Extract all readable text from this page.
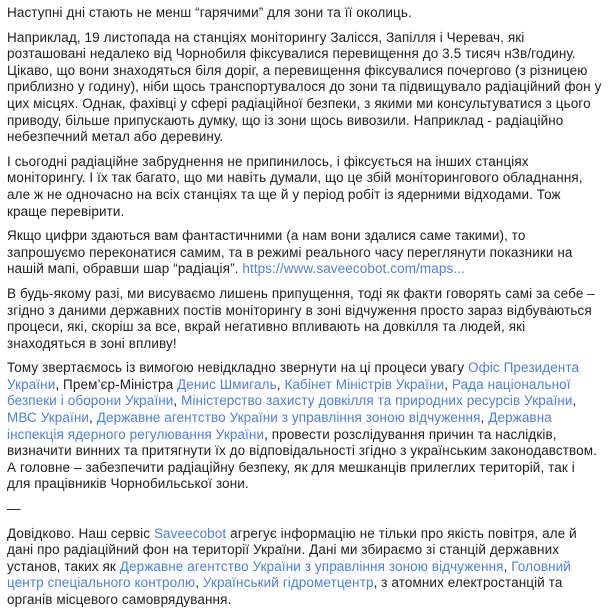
Наступні дні стають не менш “гарячими” для зони та її околиць.

Наприклад, 19 листопада на станціях моніторингу Залісся, Запілля і Черевач, які розташовані недалеко від Чорнобиля фіксувалися перевищення до 3.5 тисяч нЗв/годину. Цікаво, що вони знаходяться біля доріг, а перевищення фіксувалися почергово (з різницею приблизно у годину), ніби щось транспортувалося до зони та підвищувало радіаційний фон у цих місцях. Однак, фахівці у сфері радіаційної безпеки, з якими ми консультуватися з цього приводу, більше припускають думку, що із зони щось вивозили. Наприклад - радіаційно небезпечний метал або деревину.

І сьогодні радіаційне забруднення не припинилось, і фіксується на інших станціях моніторингу. І їх так багато, що ми навіть думали, що це збій моніторингового обладнання, але ж не одночасно на всіх станціях та ще й у період робіт із ядерними відходами. Тож краще перевірити.

Якщо цифри здаються вам фантастичними (а нам вони здалися саме такими), то запрошуємо переконатися самим, та в режимі реального часу переглянути показники на нашій мапі, обравши шар “радіація”. https://www.saveecobot.com/maps...

В будь-якому разі, ми висуваємо лишень припущення, тоді як факти говорять самі за себе – згідно з даними державних постів моніторингу в зоні відчуження просто зараз відбуваються процеси, які, скоріш за все, вкрай негативно впливають на довкілля та людей, які знаходяться в зоні впливу!

Тому звертаємось із вимогою невідкладно звернути на ці процеси увагу Офіс Президента України, Прем’єр-Міністра Денис Шмигаль, Кабінет Міністрів України, Рада національної безпеки і оборони України, Міністерство захисту довкілля та природних ресурсів України, МВС України, Державне агентство України з управління зоною відчуження, Державна інспекція ядерного регулювання України, провести розслідування причин та наслідків, визначити винних та притягнути їх до відповідальності згідно з українським законодавством. А головне – забезпечити радіаційну безпеку, як для мешканців прилеглих територій, так і для працівників Чорнобильської зони.

—

Довідково. Наш сервіс Saveecobot агрегує інформацію не тільки про якість повітря, але й дані про радіаційний фон на території України. Дані ми збираємо зі станцій державних установ, таких як Державне агентство України з управління зоною відчуження, Головний центр спеціального контролю, Український гідрометцентр, з атомних електростанцій та органів місцевого самоврядування.
